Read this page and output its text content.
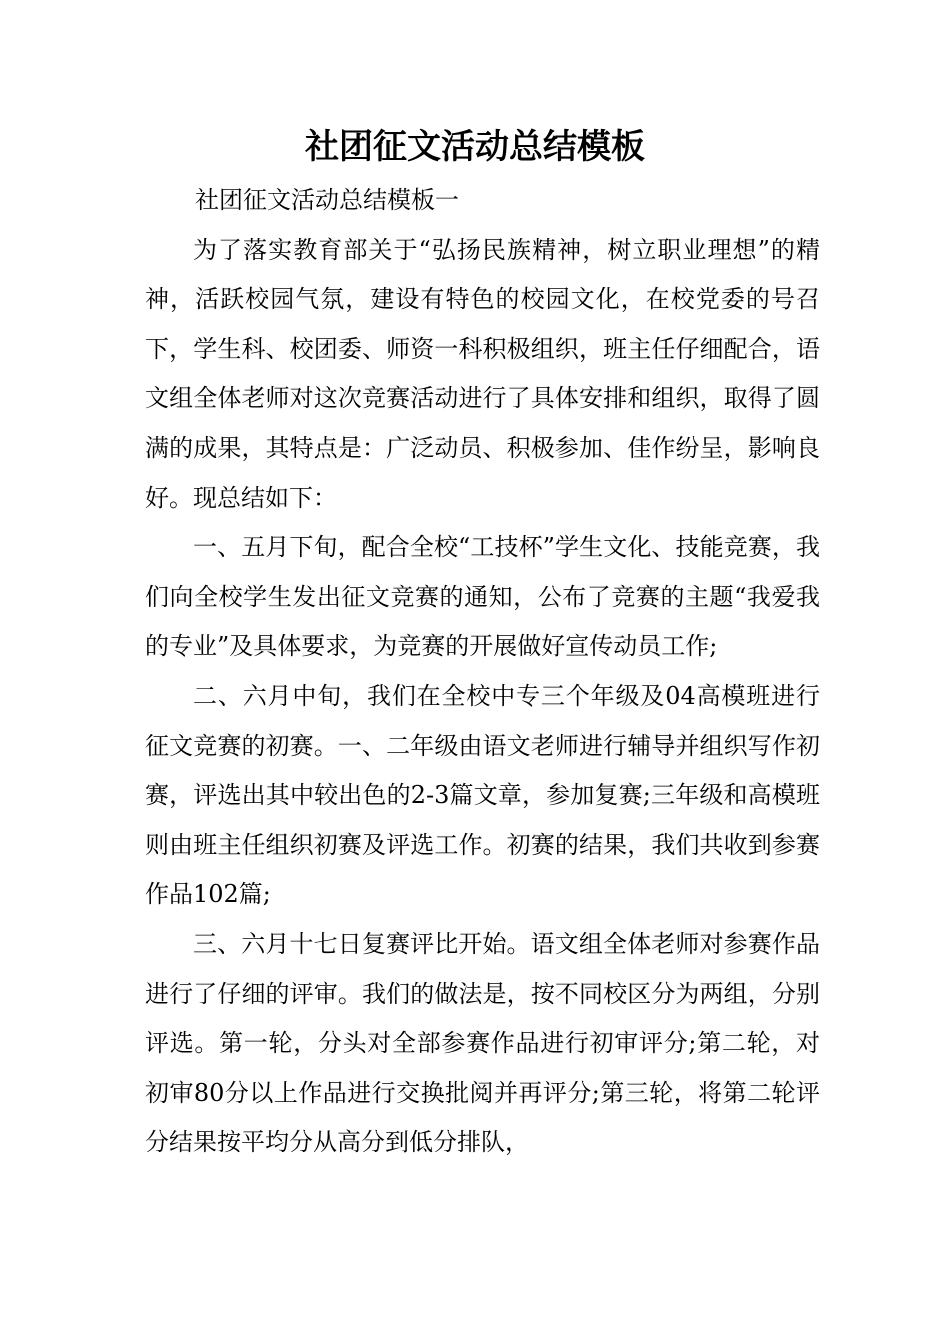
社团征文活动总结模板

社团征文活动总结模板一

为了落实教育部关于“弘扬民族精神，树立职业理想”的精神，活跃校园气氛，建设有特色的校园文化，在校党委的号召下，学生科、校团委、师资一科积极组织，班主任仔细配合，语文组全体老师对这次竞赛活动进行了具体安排和组织，取得了圆满的成果，其特点是：广泛动员、积极参加、佳作纷呈，影响良好。现总结如下：

一、五月下旬，配合全校“工技杯”学生文化、技能竞赛，我们向全校学生发出征文竞赛的通知，公布了竞赛的主题“我爱我的专业”及具体要求，为竞赛的开展做好宣传动员工作;

二、六月中旬，我们在全校中专三个年级及04高模班进行征文竞赛的初赛。一、二年级由语文老师进行辅导并组织写作初赛，评选出其中较出色的2-3篇文章，参加复赛;三年级和高模班则由班主任组织初赛及评选工作。初赛的结果，我们共收到参赛作品102篇;

三、六月十七日复赛评比开始。语文组全体老师对参赛作品进行了仔细的评审。我们的做法是，按不同校区分为两组，分别评选。第一轮，分头对全部参赛作品进行初审评分;第二轮，对初审80分以上作品进行交换批阅并再评分;第三轮，将第二轮评分结果按平均分从高分到低分排队，
